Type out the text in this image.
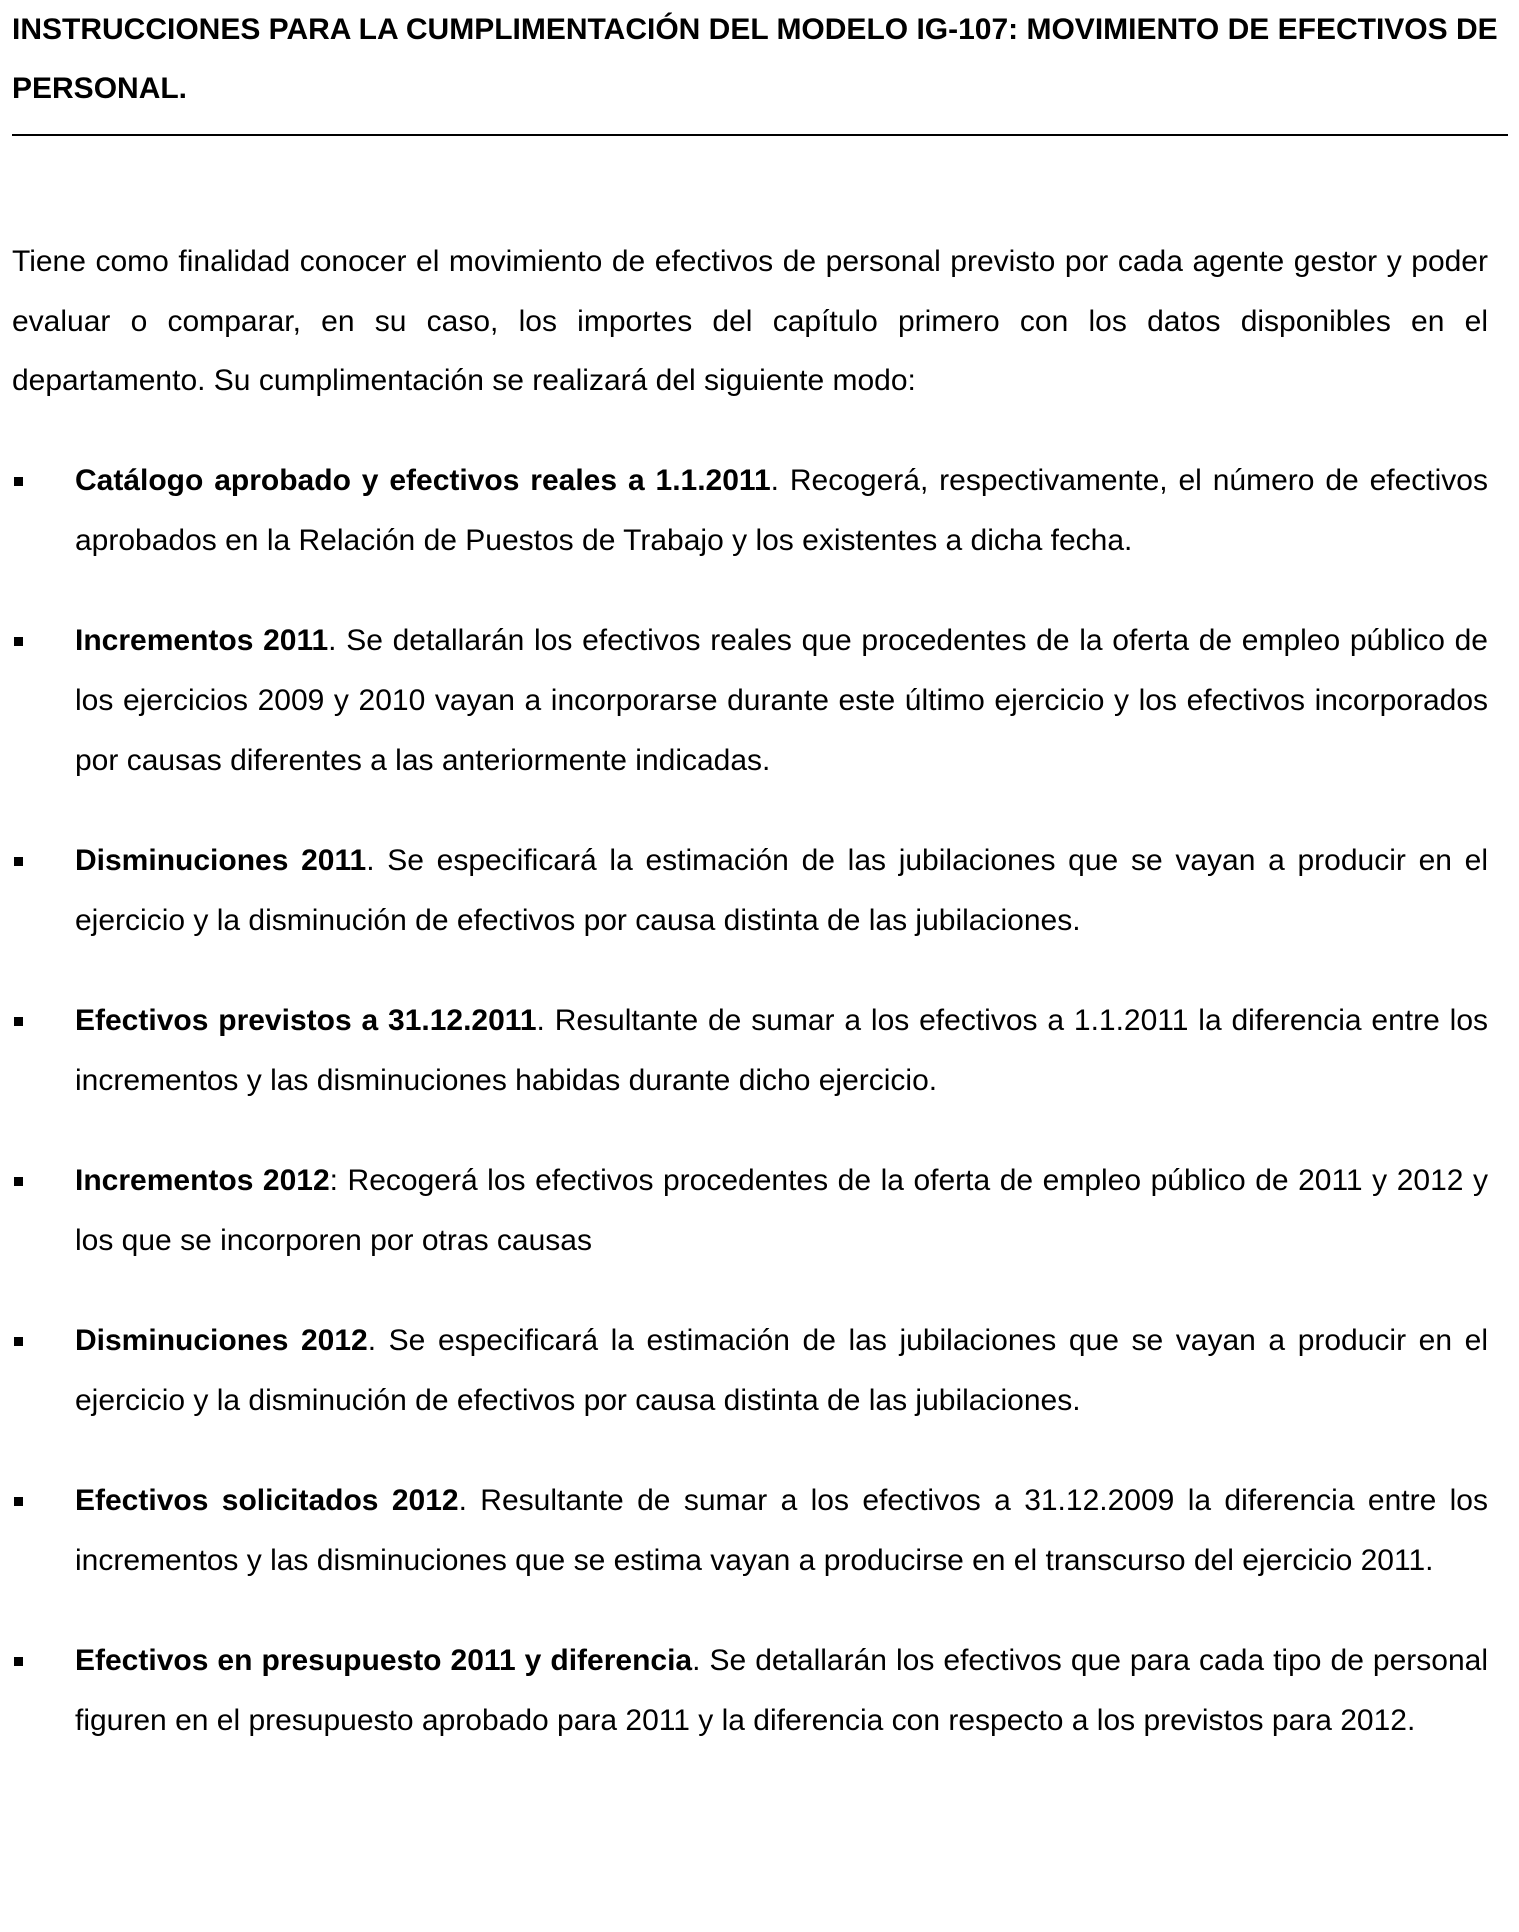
INSTRUCCIONES PARA LA CUMPLIMENTACIÓN DEL MODELO IG-107: MOVIMIENTO DE EFECTIVOS DE PERSONAL.

Tiene como finalidad conocer el movimiento de efectivos de personal previsto por cada agente gestor y poder evaluar o comparar, en su caso, los importes del capítulo primero con los datos disponibles en el departamento. Su cumplimentación se realizará del siguiente modo:

Catálogo aprobado y efectivos reales a 1.1.2011. Recogerá, respectivamente, el número de efectivos aprobados en la Relación de Puestos de Trabajo y los existentes a dicha fecha.
Incrementos 2011. Se detallarán los efectivos reales que procedentes de la oferta de empleo público de los ejercicios 2009 y 2010 vayan a incorporarse durante este último ejercicio y los efectivos incorporados por causas diferentes a las anteriormente indicadas.
Disminuciones 2011. Se especificará la estimación de las jubilaciones que se vayan a producir en el ejercicio y la disminución de efectivos por causa distinta de las jubilaciones.
Efectivos previstos a 31.12.2011. Resultante de sumar a los efectivos a 1.1.2011 la diferencia entre los incrementos y las disminuciones habidas durante dicho ejercicio.
Incrementos 2012: Recogerá los efectivos procedentes de la oferta de empleo público de 2011 y 2012 y los que se incorporen por otras causas
Disminuciones 2012. Se especificará la estimación de las jubilaciones que se vayan a producir en el ejercicio y la disminución de efectivos por causa distinta de las jubilaciones.
Efectivos solicitados 2012. Resultante de sumar a los efectivos a 31.12.2009 la diferencia entre los incrementos y las disminuciones que se estima vayan a producirse en el transcurso del ejercicio 2011.
Efectivos en presupuesto 2011 y diferencia. Se detallarán los efectivos que para cada tipo de personal figuren en el presupuesto aprobado para 2011 y la diferencia con respecto a los previstos para 2012.
